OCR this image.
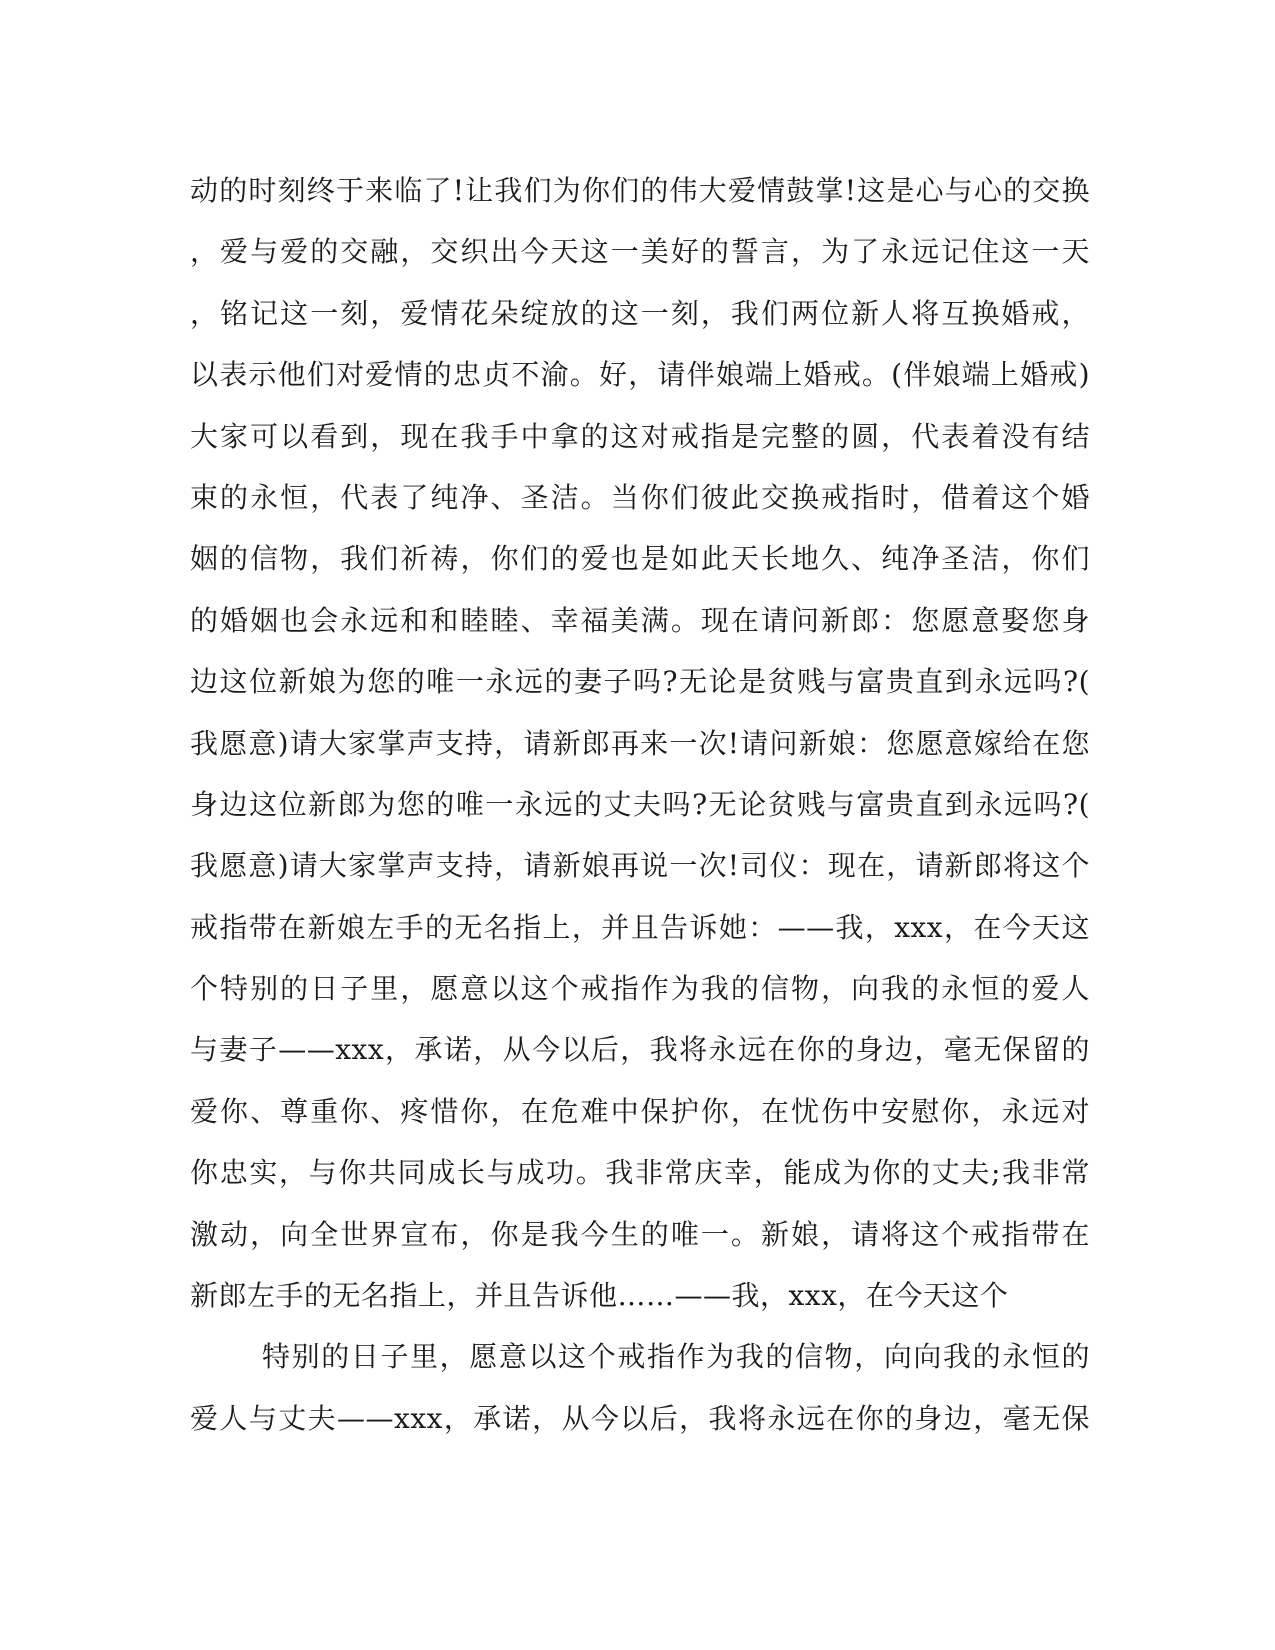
动的时刻终于来临了!让我们为你们的伟大爱情鼓掌!这是心与心的交换
，爱与爱的交融，交织出今天这一美好的誓言，为了永远记住这一天
，铭记这一刻，爱情花朵绽放的这一刻，我们两位新人将互换婚戒，
以表示他们对爱情的忠贞不渝。好，请伴娘端上婚戒。(伴娘端上婚戒)
大家可以看到，现在我手中拿的这对戒指是完整的圆，代表着没有结
束的永恒，代表了纯净、圣洁。当你们彼此交换戒指时，借着这个婚
姻的信物，我们祈祷，你们的爱也是如此天长地久、纯净圣洁，你们
的婚姻也会永远和和睦睦、幸福美满。现在请问新郎：您愿意娶您身
边这位新娘为您的唯一永远的妻子吗?无论是贫贱与富贵直到永远吗?(
我愿意)请大家掌声支持，请新郎再来一次!请问新娘：您愿意嫁给在您
身边这位新郎为您的唯一永远的丈夫吗?无论贫贱与富贵直到永远吗?(
我愿意)请大家掌声支持，请新娘再说一次!司仪：现在，请新郎将这个
戒指带在新娘左手的无名指上，并且告诉她：——我，xxx，在今天这
个特别的日子里，愿意以这个戒指作为我的信物，向我的永恒的爱人
与妻子——xxx，承诺，从今以后，我将永远在你的身边，毫无保留的
爱你、尊重你、疼惜你，在危难中保护你，在忧伤中安慰你，永远对
你忠实，与你共同成长与成功。我非常庆幸，能成为你的丈夫;我非常
激动，向全世界宣布，你是我今生的唯一。新娘，请将这个戒指带在
新郎左手的无名指上，并且告诉他……——我，xxx，在今天这个
特别的日子里，愿意以这个戒指作为我的信物，向向我的永恒的
爱人与丈夫——xxx，承诺，从今以后，我将永远在你的身边，毫无保
